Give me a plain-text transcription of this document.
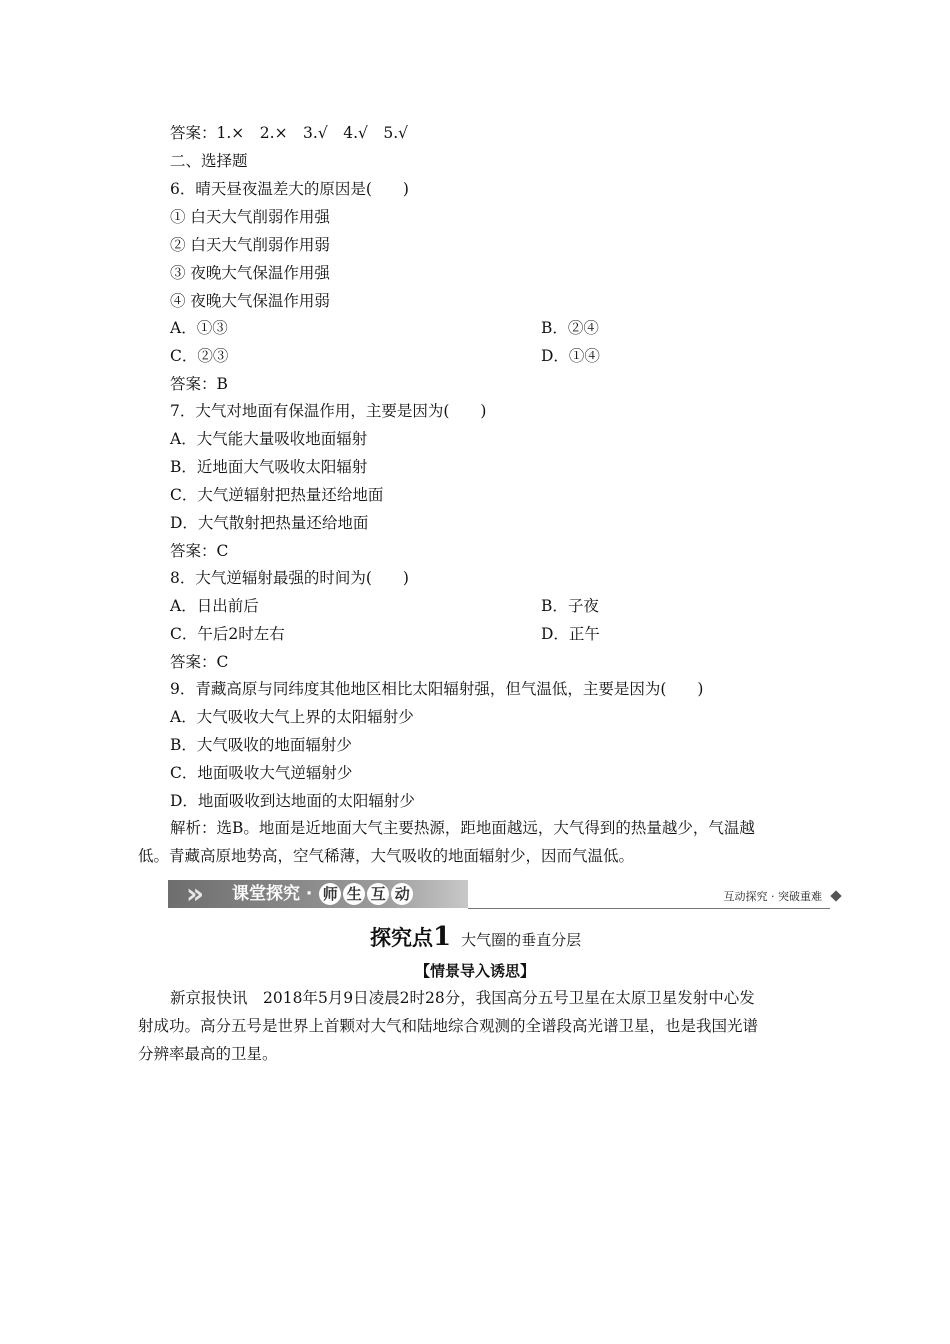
答案：1.×　2.×　3.√　4.√　5.√
二、选择题
6．晴天昼夜温差大的原因是(　　)
① 白天大气削弱作用强
② 白天大气削弱作用弱
③ 夜晚大气保温作用强
④ 夜晚大气保温作用弱
A．①③	B．②④
C．②③	D．①④
答案：B
7．大气对地面有保温作用，主要是因为(　　)
A．大气能大量吸收地面辐射
B．近地面大气吸收太阳辐射
C．大气逆辐射把热量还给地面
D．大气散射把热量还给地面
答案：C
8．大气逆辐射最强的时间为(　　)
A．日出前后	B．子夜
C．午后2时左右	D．正午
答案：C
9．青藏高原与同纬度其他地区相比太阳辐射强，但气温低，主要是因为(　　)
A．大气吸收大气上界的太阳辐射少
B．大气吸收的地面辐射少
C．地面吸收大气逆辐射少
D．地面吸收到达地面的太阳辐射少
解析：选B。地面是近地面大气主要热源，距地面越远，大气得到的热量越少，气温越
低。青藏高原地势高，空气稀薄，大气吸收的地面辐射少，因而气温低。
» 课堂探究 · 师 生 互 动	互动探究 · 突破重难
探究点1 大气圈的垂直分层
【情景导入诱思】
新京报快讯　2018年5月9日凌晨2时28分，我国高分五号卫星在太原卫星发射中心发
射成功。高分五号是世界上首颗对大气和陆地综合观测的全谱段高光谱卫星，也是我国光谱
分辨率最高的卫星。
